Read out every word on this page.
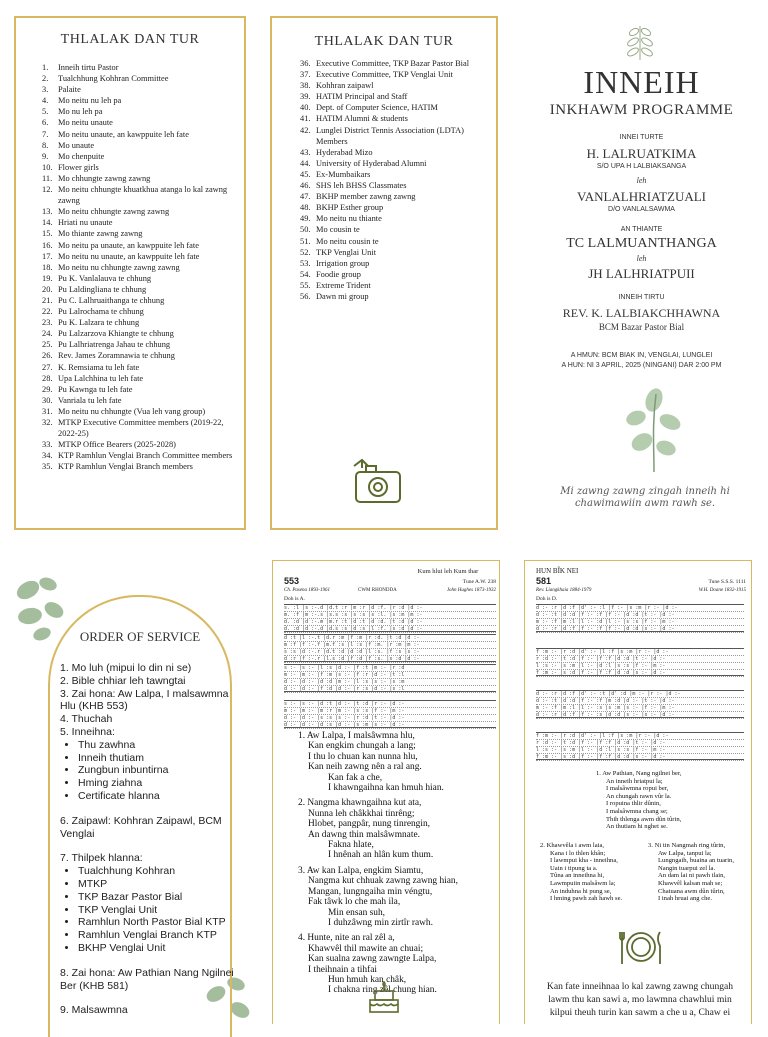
THLALAK DAN TUR
1.	Inneih tirtu Pastor
2.	Tualchhung Kohhran Committee
3.	Palaite
4.	Mo neitu nu leh pa
5.	Mo nu leh pa
6.	Mo neitu unaute
7.	Mo neitu unaute, an kawppuite leh fate
8.	Mo unaute
9.	Mo chenpuite
10. Flower girls
11. Mo chhungte zawng zawng
12. Mo neitu chhungte khuatkhua atanga lo kal zawng zawng
13. Mo neitu chhungte zawng zawng
14. Hriati nu unaute
15. Mo thiante zawng zawng
16. Mo neitu pa unaute, an kawppuite leh fate
17. Mo neitu nu unaute, an kawppuite leh fate
18. Mo neitu nu chhungte zawng zawng
19. Pu K. Vanlalauva te chhung
20. Pu Laldingliana te chhung
21. Pu C. Lalhruaithanga te chhung
22. Pu Lalrochama te chhung
23. Pu K. Lalzara te chhung
24. Pu Lalzarzova Khiangte te chhung
25. Pu Lalhriatrenga Jahau te chhung
26. Rev. James Zoramnawia te chhung
27. K. Remsiama tu leh fate
28. Upa Lalchhina tu leh fate
29. Pu Kawnga tu leh fate
30. Vanriala tu leh fate
31. Mo neitu nu chhungte (Vua leh vang group)
32. MTKP Executive Committee members (2019-22, 2022-25)
33. MTKP Office Bearers (2025-2028)
34. KTP Ramhlun Venglai Branch Committee members
35. KTP Ramhlun Venglai Branch members
THLALAK DAN TUR
36. Executive Committee, TKP Bazar Pastor Bial
37. Executive Committee, TKP Venglai Unit
38. Kohhran zaipawl
39. HATIM Principal and Staff
40. Dept. of Computer Science, HATIM
41. HATIM Alumni & students
42. Lunglei District Tennis Association (LDTA) Members
43. Hyderabad Mizo
44. University of Hyderabad Alumni
45. Ex-Mumbaikars
46. SHS leh BHSS Classmates
47. BKHP member zawng zawng
48. BKHP Esther group
49. Mo neitu nu thiante
50. Mo cousin te
51. Mo neitu cousin te
52. TKP Venglai Unit
53. Irrigation group
54. Foodie group
55. Extreme Trident
56. Dawn mi group
INNEIH
INKHAWM PROGRAMME
INNEI TURTE
H. LALRUATKIMA
S/O UPA H LALBIAKSANGA
leh
VANLALHRIATZUALI
D/O VANLALSAWMA
AN THIANTE
TC LALMUANTHANGA
leh
JH LALHRIATPUII
INNEIH TIRTU
REV. K. LALBIAKCHHAWNA
BCM Bazar Pastor Bial
A HMUN: BCM BIAK IN, VENGLAI, LUNGLEI
A HUN: NI 3 APRIL, 2025 (NINGANI) DAR 2:00 PM
Mi zawng zawng zingah inneih hi chawimawiin awm rawh se.
ORDER OF SERVICE

1. Mo luh (mipui lo din ni se)

2. Bible chhiar leh tawngtai

3. Zai hona: Aw Lalpa, I malsawmna Hlu (KHB 553)

4. Thuchah

5. Inneihna:

• Thu zawhna
• Inneih thutiam
• Zungbun inbuntirna
• Hming ziahna
• Certificate hlanna

6. Zaipawl: Kohhran Zaipawl, BCM Venglai

7. Thilpek hlanna:

• Tualchhung Kohhran
• MTKP
• TKP Bazar Pastor Bial
• TKP Venglai Unit
• Ramhlun North Pastor Bial KTP
• Ramhlun Venglai Branch KTP
• BKHP Venglai Unit

8. Zai hona: Aw Pathian Nang Ngilnei Ber (KHB 581)

9. Malsawmna

Kum hlui leh Kum thar
553	Tune A.W. 238
Ch. Pasena 1893-1961	CWM RHONDDA	John Hughes 1873-1932
Doh is A.
s. :l |s :-.d |d.t :r |m :r |d :f. |r :d |d :-
m. :f |m :-.s |s.s :s |s :s |s :l. |s :m |m :-
d. :d |d :-.m |m.r :t |d :t |d :d. |t :d |d :-
d. :d |d :-.d |d.s :s |d :s |l :f. |s :d |d :-
d :t |l :-.t |d.r :m |f :m |r :d. |t :d |d :-
m :f |f :-.f |m.f :s |l :s |f :m. |r :m |m :-
s :s |d :-.r |d.t :d |d :d |l :s. |f :s |s :-
d :r |f :-.r |l.s :d |f :d |f :s. |s :d |d :-
s :- |s :- |l :s |d :- |f :t |m :- |r :d
m :- |m :- |f :m |s :- |f :r |d :- |t :l
d :- |d :- |d :d |m :- |l :s |s :- |s :m
d :- |d :- |f :d |d :- |r :s |d :- |s :l
s :- |s :- |d :t |d :- |t :d |r :- |d :-
m :- |m :- |m :r |m :- |s :s |f :- |m :-
d :- |d :- |s :s |s :- |r :d |t :- |d :-
d :- |d :- |d :s |d :- |s :m |s :- |d :-
1. Aw Lalpa, I malsâwmna hlu,
Kan engkim chungah a lang;
I thu lo chuan kan nunna hlu,
Kan neih zawng nên a ral ang.
Kan fak a che,
I khawngaihna kan hmuh hian.
2. Nangma khawngaihna kut ata,
Nunna leh châkkhai tinrêng;
Hlobet, pangpâr, nung tinrengin,
An dawng thin malsâwmnate.
Fakna hlate,
I hnênah an hlân kum thum.
3. Aw kan Lalpa, engkim Siamtu,
Nangma kut chhuak zawng zawng hian,
Mangan, lungngaiha min véngtu,
Fak tâwk lo che mah ila,
Min ensan suh,
I duhzâwng min zirtîr rawh.
4. Hunte, nite an ral zêl a,
Khawvêl thil mawite an chuai;
Kan sualna zawng zawngte Lalpa,
I theihnain a tihfai
Hun hmuh kan châk,
I chakna ring zêl chung hian.
HUN BÎK NEI
581	Tune S.S.S. 1111
Rev. Liangkhaia 1884-1979	W.H. Doane 1832-1915
Doh is D.
d :- :r |d :f |d' :- :l |f :- |s :m |r :- |d :-
d :- :t |d :d |f :- :f |f :- |d :d |t :- |d :-
m :- :f |m :l |l :- :d |l :- |s :s |f :- |m :-
d :- :r |d :f |f :- :f |f :- |d :d |s :- |d :-
f :m :- |r :d |d' :- |l :f |s :m |r :- |d :-
r :d :- |t :d |f :- |f :f |d :d |t :- |d :-
l :s :- |s :m |l :- |d :l |s :s |f :- |m :-
f :m :- |s :d |f :- |f :f |d :d |s :- |d :-
d :- :r |d :f |d' :- :t |d' :d |m :- |r :- |d :-
d :- :t |d :d |f :- :f |m :d |d :- |t :- |d :-
m :- :f |m :l |l :- :s |s :m |s :- |f :- |m :-
d :- :r |d :f |f :- :s |d :d |s :- |s :- |d :-
f :m :- |r :d |d' :- |l :f |s :m |r :- |d :-
r :d :- |t :d |f :- |f :f |d :d |t :- |d :-
l :s :- |s :m |l :- |d :l |s :s |f :- |m :-
f :m :- |s :d |f :- |f :f |d :d |s :- |d :-
1. Aw Pathian, Nang ngilnei ber,
An inneih hriatpui la;
I malsâwmna ropui ber,
An chungah rawn vûr la.
I ropuina thlir dûnin,
I malsâwmna chang se;
Thih thlenga awm dûn tûrin,
An thutiam hi nghet se.
2. Khawvêla i awm laia,
Kana i lo thlen khân;
I lawmpui kha - inneihna,
Uain i tipung ta a.
Tûna an inneihna hi,
Lawmpuiin malsâwm la;
An induhna hi pung se,
I hming pawh zah hawh se.
3. Ni tin Nangmah ring tûrin,
Aw Lalpa, tanpui la;
Lungngaih, buaina an tuarin,
Nangin tuarpui zel la.
An dam lai ni pawh tlain,
Khawvêl kalsan mah se;
Chatuana awm dûn tûrin,
I inah hruai ang che.
Kan fate inneihnaa lo kal zawng zawng chungah
lawm thu kan sawi a, mo lawmna chawhlui min
kilpui theuh turin kan sawm a che u a, Chaw ei
